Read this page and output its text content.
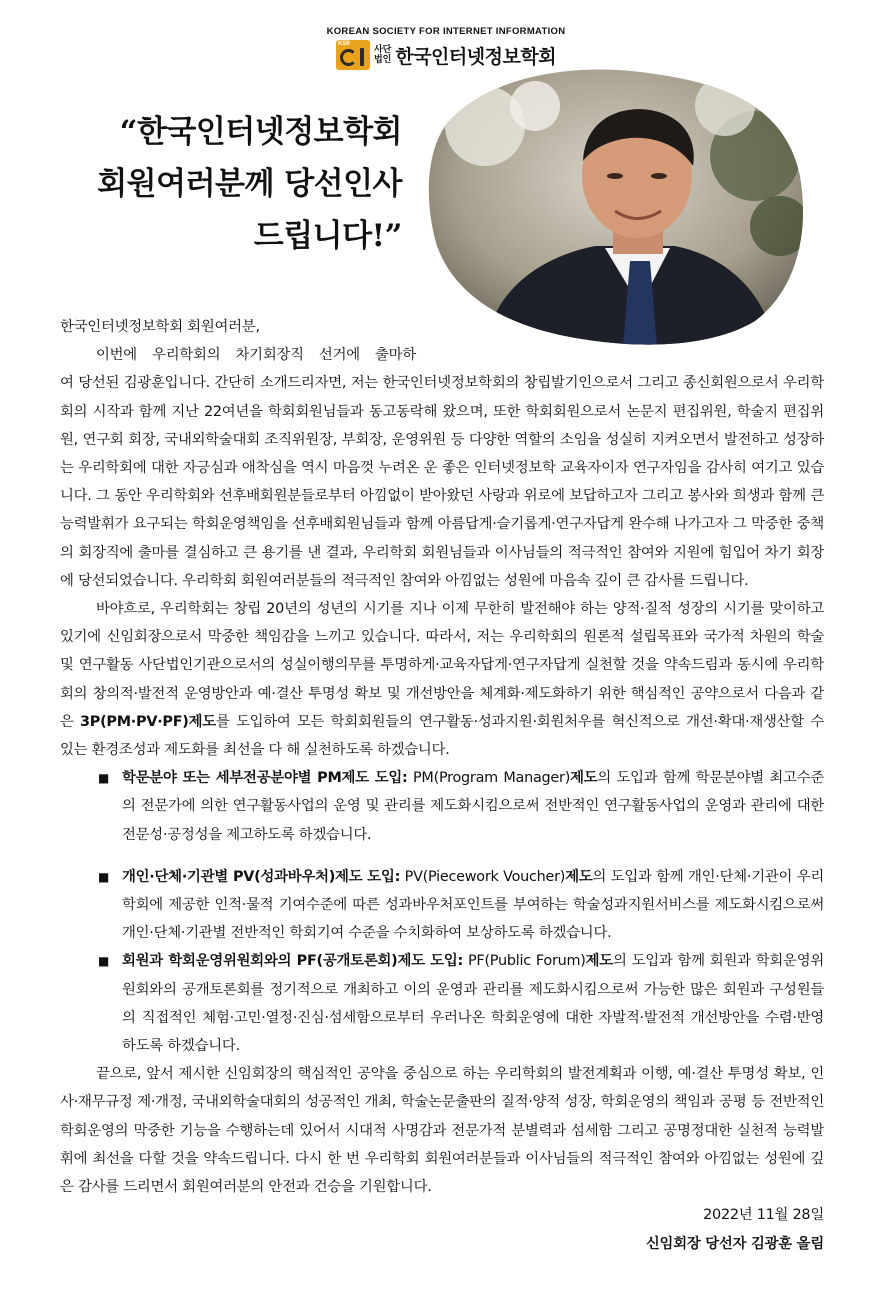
KOREAN SOCIETY FOR INTERNET INFORMATION
KSII
사단
법인 한국인터넷정보학회
“한국인터넷정보학회
회원여러분께 당선인사
드립니다!”
한국인터넷정보학회 회원여러분,
이번에 우리학회의 차기회장직 선거에 출마하
여 당선된 김광훈입니다. 간단히 소개드리자면, 저는 한국인터넷정보학회의 창립발기인으로서 그리고 종신회원으로서 우리학회의 시작과 함께 지난 22여년을 학회회원님들과 동고동락해 왔으며, 또한 학회회원으로서 논문지 편집위원, 학술지 편집위원, 연구회 회장, 국내외학술대회 조직위원장, 부회장, 운영위원 등 다양한 역할의 소임을 성실히 지켜오면서 발전하고 성장하는 우리학회에 대한 자긍심과 애착심을 역시 마음껏 누려온 운 좋은 인터넷정보학 교육자이자 연구자임을 감사히 여기고 있습니다. 그 동안 우리학회와 선후배회원분들로부터 아낌없이 받아왔던 사랑과 위로에 보답하고자 그리고 봉사와 희생과 함께 큰 능력발휘가 요구되는 학회운영책임을 선후배회원님들과 함께 아름답게·슬기롭게·연구자답게 완수해 나가고자 그 막중한 중책의 회장직에 출마를 결심하고 큰 용기를 낸 결과, 우리학회 회원님들과 이사님들의 적극적인 참여와 지원에 힘입어 차기 회장에 당선되었습니다. 우리학회 회원여러분들의 적극적인 참여와 아낌없는 성원에 마음속 깊이 큰 감사를 드립니다.

바야흐로, 우리학회는 창립 20년의 성년의 시기를 지나 이제 무한히 발전해야 하는 양적·질적 성장의 시기를 맞이하고 있기에 신임회장으로서 막중한 책임감을 느끼고 있습니다. 따라서, 저는 우리학회의 원론적 설립목표와 국가적 차원의 학술 및 연구활동 사단법인기관으로서의 성실이행의무를 투명하게·교육자답게·연구자답게 실천할 것을 약속드림과 동시에 우리학회의 창의적·발전적 운영방안과 예·결산 투명성 확보 및 개선방안을 체계화·제도화하기 위한 핵심적인 공약으로서 다음과 같은 3P(PM·PV·PF)제도를 도입하여 모든 학회회원들의 연구활동·성과지원·회원처우를 혁신적으로 개선·확대·재생산할 수 있는 환경조성과 제도화를 최선을 다 해 실천하도록 하겠습니다.

■ 학문분야 또는 세부전공분야별 PM제도 도입: PM(Program Manager)제도의 도입과 함께 학문분야별 최고수준의 전문가에 의한 연구활동사업의 운영 및 관리를 제도화시킴으로써 전반적인 연구활동사업의 운영과 관리에 대한 전문성·공정성을 제고하도록 하겠습니다.
■ 개인·단체·기관별 PV(성과바우처)제도 도입: PV(Piecework Voucher)제도의 도입과 함께 개인·단체·기관이 우리학회에 제공한 인적·물적 기여수준에 따른 성과바우처포인트를 부여하는 학술성과지원서비스를 제도화시킴으로써 개인·단체·기관별 전반적인 학회기여 수준을 수치화하여 보상하도록 하겠습니다.
■ 회원과 학회운영위원회와의 PF(공개토론회)제도 도입: PF(Public Forum)제도의 도입과 함께 회원과 학회운영위원회와의 공개토론회를 정기적으로 개최하고 이의 운영과 관리를 제도화시킴으로써 가능한 많은 회원과 구성원들의 직접적인 체험·고민·열정·진심·섬세함으로부터 우러나온 학회운영에 대한 자발적·발전적 개선방안을 수렴·반영하도록 하겠습니다.

끝으로, 앞서 제시한 신임회장의 핵심적인 공약을 중심으로 하는 우리학회의 발전계획과 이행, 예·결산 투명성 확보, 인사·재무규정 제·개정, 국내외학술대회의 성공적인 개최, 학술논문출판의 질적·양적 성장, 학회운영의 책임과 공평 등 전반적인 학회운영의 막중한 기능을 수행하는데 있어서 시대적 사명감과 전문가적 분별력과 섬세함 그리고 공명정대한 실천적 능력발휘에 최선을 다할 것을 약속드립니다. 다시 한 번 우리학회 회원여러분들과 이사님들의 적극적인 참여와 아낌없는 성원에 깊은 감사를 드리면서 회원여러분의 안전과 건승을 기원합니다.

2022년 11월 28일
신임회장 당선자 김광훈 올림
